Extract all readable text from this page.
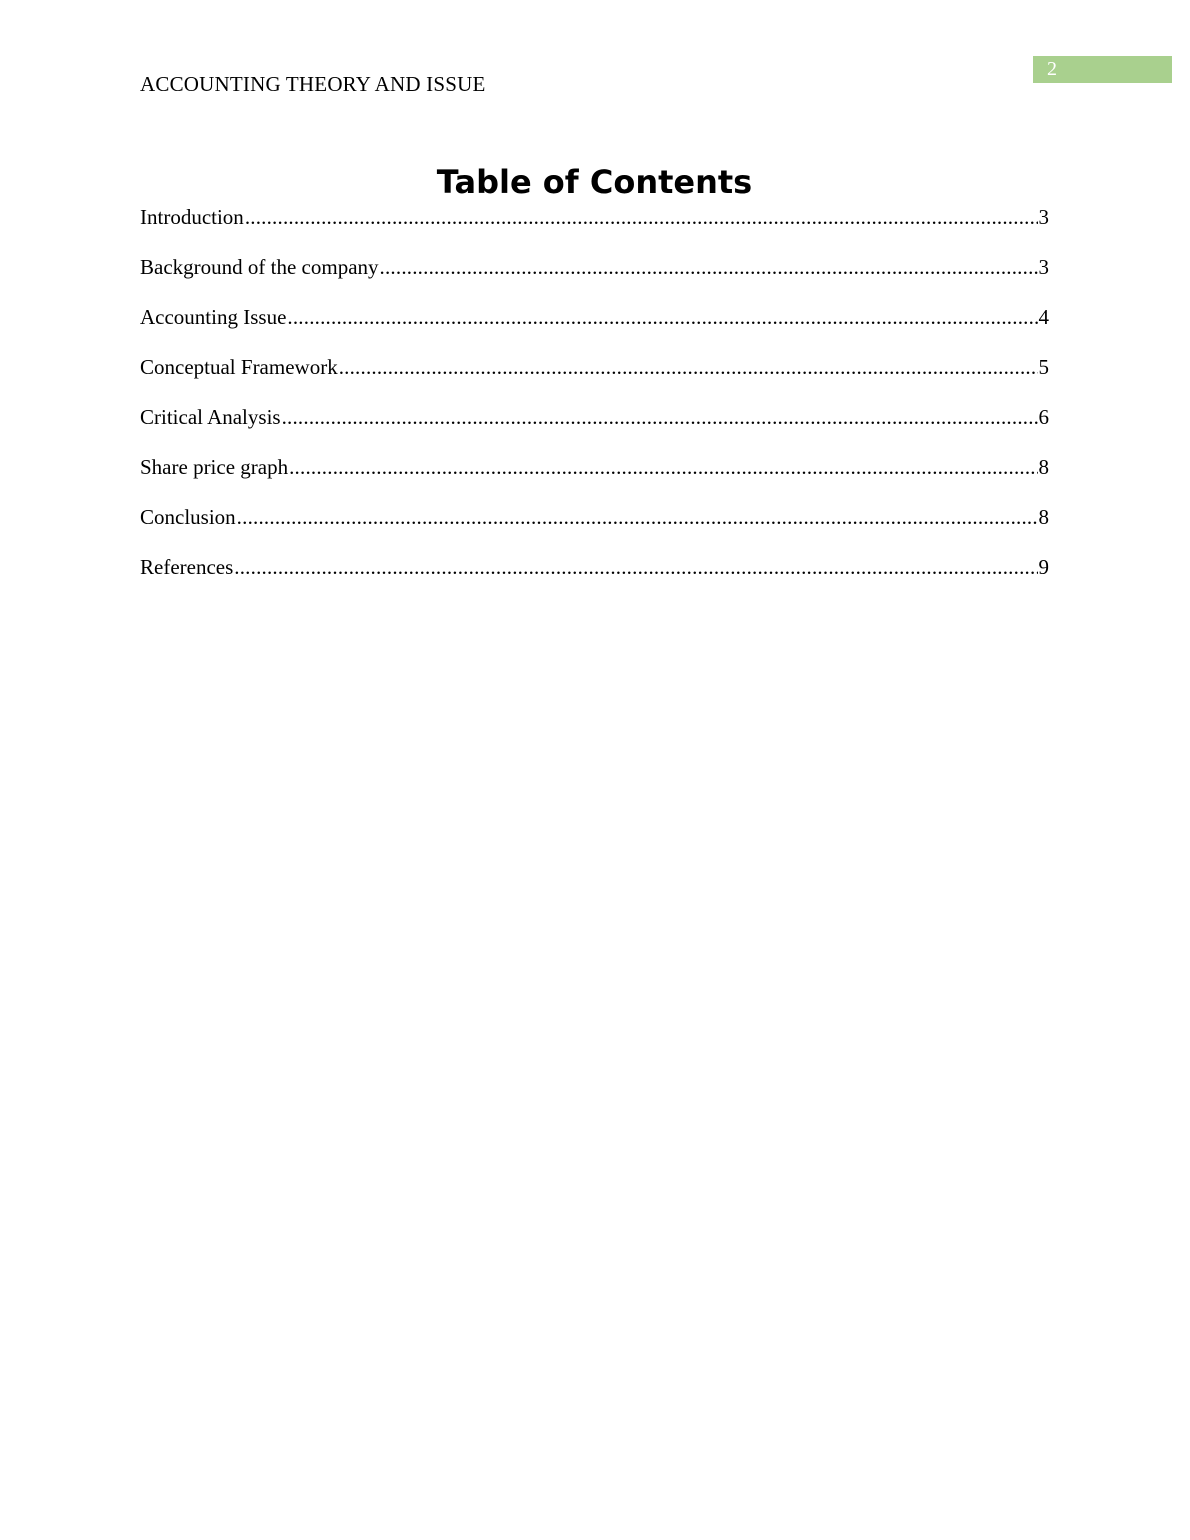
ACCOUNTING THEORY AND ISSUE
2
Table of Contents
Introduction .....	3
Background of the company .....	3
Accounting Issue .....	4
Conceptual Framework .....	5
Critical Analysis .....	6
Share price graph .....	8
Conclusion .....	8
References .....	9
